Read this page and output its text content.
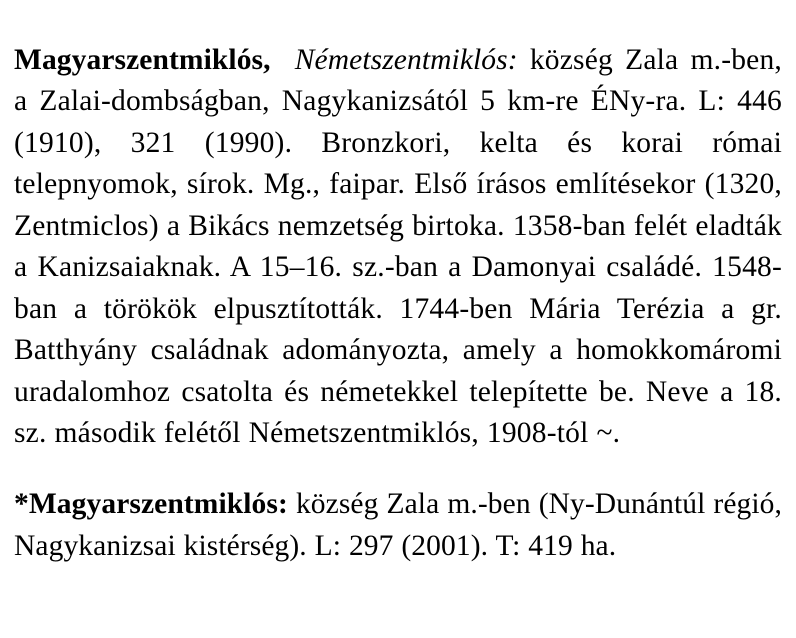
Magyarszentmiklós, Németszentmiklós: község Zala m.-ben, a Zalai-dombságban, Nagykanizsától 5 km-re ÉNy-ra. L: 446 (1910), 321 (1990). Bronzkori, kelta és korai római telepnyomok, sírok. Mg., faipar. Első írásos említésekor (1320, Zentmiclos) a Bikács nemzetség birtoka. 1358-ban felét eladták a Kanizsaiaknak. A 15–16. sz.-ban a Damonyai családé. 1548-ban a törökök elpusztították. 1744-ben Mária Terézia a gr. Batthyány családnak adományozta, amely a homokkomáromi uradalomhoz csatolta és németekkel telepítette be. Neve a 18. sz. második felétől Németszentmiklós, 1908-tól ~.

*Magyarszentmiklós: község Zala m.-ben (Ny-Dunántúl régió, Nagykanizsai kistérség). L: 297 (2001). T: 419 ha.
